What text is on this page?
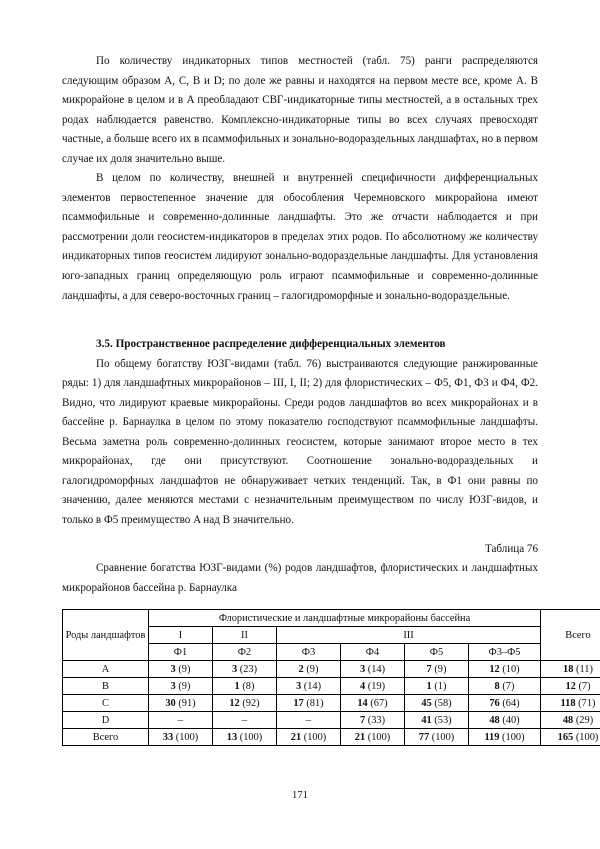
По количеству индикаторных типов местностей (табл. 75) ранги распределяются следующим образом A, C, B и D; по доле же равны и находятся на первом месте все, кроме A. В микрорайоне в целом и в A преобладают СВГ-индикаторные типы местностей, а в остальных трех родах наблюдается равенство. Комплексно-индикаторные типы во всех случаях превосходят частные, а больше всего их в псаммофильных и зонально-водораздельных ландшафтах, но в первом случае их доля значительно выше.

В целом по количеству, внешней и внутренней специфичности дифференциальных элементов первостепенное значение для обособления Черемновского микрорайона имеют псаммофильные и современно-долинные ландшафты. Это же отчасти наблюдается и при рассмотрении доли геосистем-индикаторов в пределах этих родов. По абсолютному же количеству индикаторных типов геосистем лидируют зонально-водораздельные ландшафты. Для установления юго-западных границ определяющую роль играют псаммофильные и современно-долинные ландшафты, а для северо-восточных границ – галогидроморфные и зонально-водораздельные.

3.5. Пространственное распределение дифференциальных элементов

По общему богатству ЮЗГ-видами (табл. 76) выстраиваются следующие ранжированные ряды: 1) для ландшафтных микрорайонов – III, I, II; 2) для флористических – Ф5, Ф1, Ф3 и Ф4, Ф2. Видно, что лидируют краевые микрорайоны. Среди родов ландшафтов во всех микрорайонах и в бассейне р. Барнаулка в целом по этому показателю господствуют псаммофильные ландшафты. Весьма заметна роль современно-долинных геосистем, которые занимают второе место в тех микрорайонах, где они присутствуют. Соотношение зонально-водораздельных и галогидроморфных ландшафтов не обнаруживает четких тенденций. Так, в Ф1 они равны по значению, далее меняются местами с незначительным преимуществом по числу ЮЗГ-видов, и только в Ф5 преимущество A над B значительно.

Таблица 76

Сравнение богатства ЮЗГ-видами (%) родов ландшафтов, флористических и ландшафтных микрорайонов бассейна р. Барнаулка

Роды ландшафтов	Флористические и ландшафтные микрорайоны бассейна						Всего
	I	II	III				
	Ф1	Ф2	Ф3	Ф4	Ф5	Ф3–Ф5	
A	3 (9)	3 (23)	2 (9)	3 (14)	7 (9)	12 (10)	18 (11)
B	3 (9)	1 (8)	3 (14)	4 (19)	1 (1)	8 (7)	12 (7)
C	30 (91)	12 (92)	17 (81)	14 (67)	45 (58)	76 (64)	118 (71)
D	–	–	–	7 (33)	41 (53)	48 (40)	48 (29)
Всего	33 (100)	13 (100)	21 (100)	21 (100)	77 (100)	119 (100)	165 (100)
171
